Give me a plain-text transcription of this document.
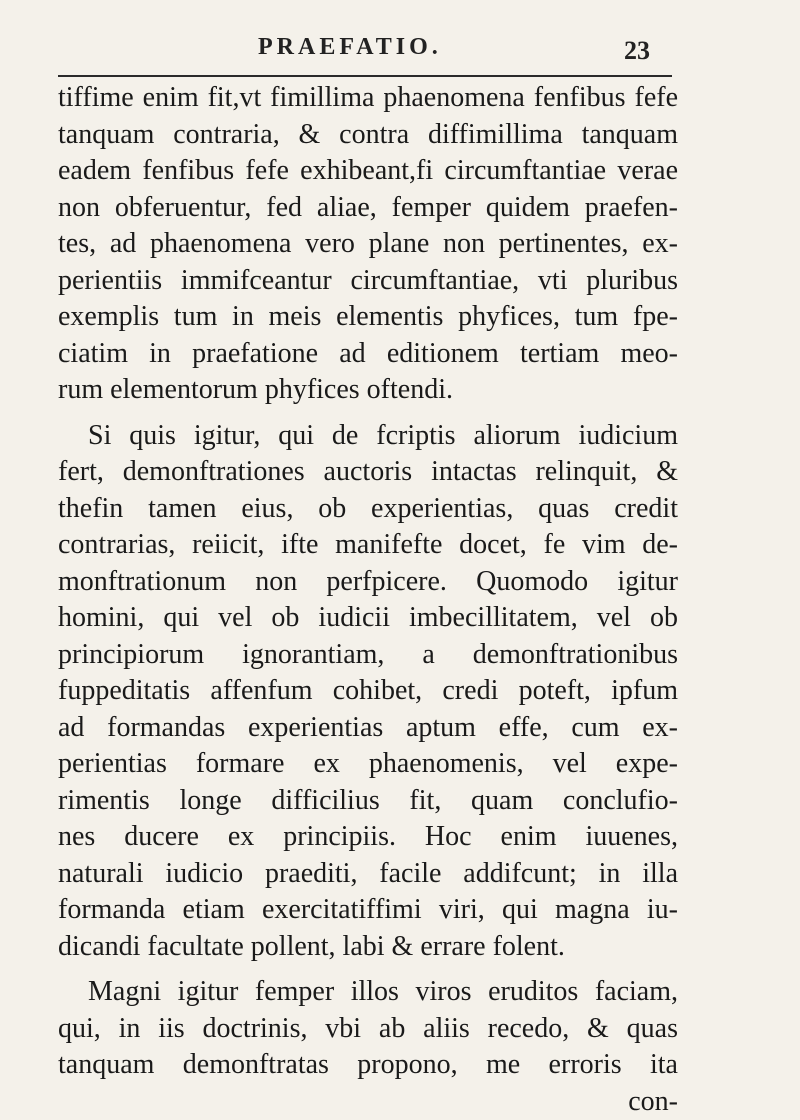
PRAEFATIO.	23
tiffime enim fit,vt fimillima phaenomena fenfibus fefe
tanquam contraria, & contra diffimillima tanquam
eadem fenfibus fefe exhibeant,fi circumftantiae verae
non obferuentur, fed aliae, femper quidem praefen-
tes, ad phaenomena vero plane non pertinentes, ex-
perientiis immifceantur circumftantiae, vti pluribus
exemplis tum in meis elementis phyfices, tum fpe-
ciatim in praefatione ad editionem tertiam meo-
rum elementorum phyfices oftendi.
Si quis igitur, qui de fcriptis aliorum iudicium
fert, demonftrationes auctoris intactas relinquit, &
thefin tamen eius, ob experientias, quas credit
contrarias, reiicit, ifte manifefte docet, fe vim de-
monftrationum non perfpicere. Quomodo igitur
homini, qui vel ob iudicii imbecillitatem, vel ob
principiorum ignorantiam, a demonftrationibus
fuppeditatis affenfum cohibet, credi poteft, ipfum
ad formandas experientias aptum effe, cum ex-
perientias formare ex phaenomenis, vel expe-
rimentis longe difficilius fit, quam conclufio-
nes ducere ex principiis. Hoc enim iuuenes,
naturali iudicio praediti, facile addifcunt; in illa
formanda etiam exercitatiffimi viri, qui magna iu-
dicandi facultate pollent, labi & errare folent.
Magni igitur femper illos viros eruditos faciam,
qui, in iis doctrinis, vbi ab aliis recedo, & quas
tanquam demonftratas propono, me erroris ita
con-
